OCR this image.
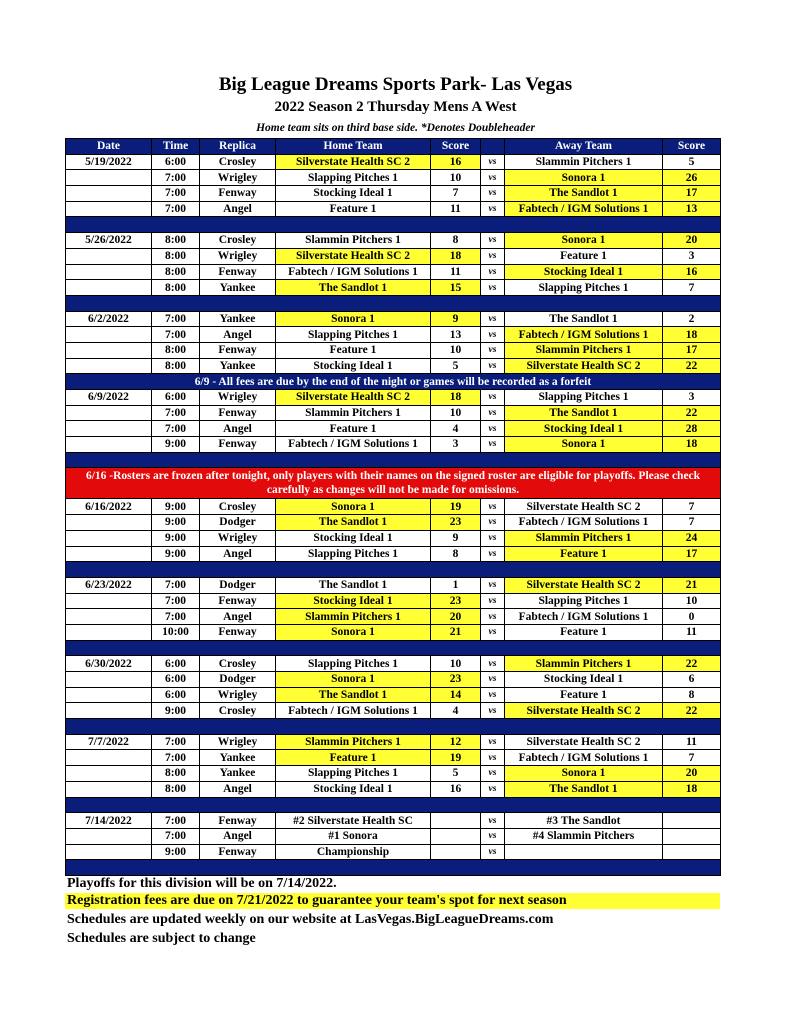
Big League Dreams Sports Park- Las Vegas
2022 Season 2 Thursday Mens A West
Home team sits on third base side. *Denotes Doubleheader
Date	Time	Replica	Home Team	Score		Away Team	Score
5/19/2022	6:00	Crosley	Silverstate Health SC 2	16	vs	Slammin Pitchers 1	5
	7:00	Wrigley	Slapping Pitches 1	10	vs	Sonora 1	26
	7:00	Fenway	Stocking Ideal 1	7	vs	The Sandlot 1	17
	7:00	Angel	Feature 1	11	vs	Fabtech / IGM Solutions 1	13

5/26/2022	8:00	Crosley	Slammin Pitchers 1	8	vs	Sonora 1	20
	8:00	Wrigley	Silverstate Health SC 2	18	vs	Feature 1	3
	8:00	Fenway	Fabtech / IGM Solutions 1	11	vs	Stocking Ideal 1	16
	8:00	Yankee	The Sandlot 1	15	vs	Slapping Pitches 1	7

6/2/2022	7:00	Yankee	Sonora 1	9	vs	The Sandlot 1	2
	7:00	Angel	Slapping Pitches 1	13	vs	Fabtech / IGM Solutions 1	18
	8:00	Fenway	Feature 1	10	vs	Slammin Pitchers 1	17
	8:00	Yankee	Stocking Ideal 1	5	vs	Silverstate Health SC 2	22
6/9 - All fees are due by the end of the night or games will be recorded as a forfeit							
6/9/2022	6:00	Wrigley	Silverstate Health SC 2	18	vs	Slapping Pitches 1	3
	7:00	Fenway	Slammin Pitchers 1	10	vs	The Sandlot 1	22
	7:00	Angel	Feature 1	4	vs	Stocking Ideal 1	28
	9:00	Fenway	Fabtech / IGM Solutions 1	3	vs	Sonora 1	18

6/16 -Rosters are frozen after tonight, only players with their names on the signed roster are eligible for playoffs. Please check carefully as changes will not be made for omissions.							
6/16/2022	9:00	Crosley	Sonora 1	19	vs	Silverstate Health SC 2	7
	9:00	Dodger	The Sandlot 1	23	vs	Fabtech / IGM Solutions 1	7
	9:00	Wrigley	Stocking Ideal 1	9	vs	Slammin Pitchers 1	24
	9:00	Angel	Slapping Pitches 1	8	vs	Feature 1	17

6/23/2022	7:00	Dodger	The Sandlot 1	1	vs	Silverstate Health SC 2	21
	7:00	Fenway	Stocking Ideal 1	23	vs	Slapping Pitches 1	10
	7:00	Angel	Slammin Pitchers 1	20	vs	Fabtech / IGM Solutions 1	0
	10:00	Fenway	Sonora 1	21	vs	Feature 1	11

6/30/2022	6:00	Crosley	Slapping Pitches 1	10	vs	Slammin Pitchers 1	22
	6:00	Dodger	Sonora 1	23	vs	Stocking Ideal 1	6
	6:00	Wrigley	The Sandlot 1	14	vs	Feature 1	8
	9:00	Crosley	Fabtech / IGM Solutions 1	4	vs	Silverstate Health SC 2	22

7/7/2022	7:00	Wrigley	Slammin Pitchers 1	12	vs	Silverstate Health SC 2	11
	7:00	Yankee	Feature 1	19	vs	Fabtech / IGM Solutions 1	7
	8:00	Yankee	Slapping Pitches 1	5	vs	Sonora 1	20
	8:00	Angel	Stocking Ideal 1	16	vs	The Sandlot 1	18

7/14/2022	7:00	Fenway	#2 Silverstate Health SC		vs	#3 The Sandlot	
	7:00	Angel	#1 Sonora		vs	#4 Slammin Pitchers	
	9:00	Fenway	Championship		vs		

Playoffs for this division will be on 7/14/2022.
Registration fees are due on 7/21/2022 to guarantee your team's spot for next season
Schedules are updated weekly on our website at LasVegas.BigLeagueDreams.com
Schedules are subject to change
